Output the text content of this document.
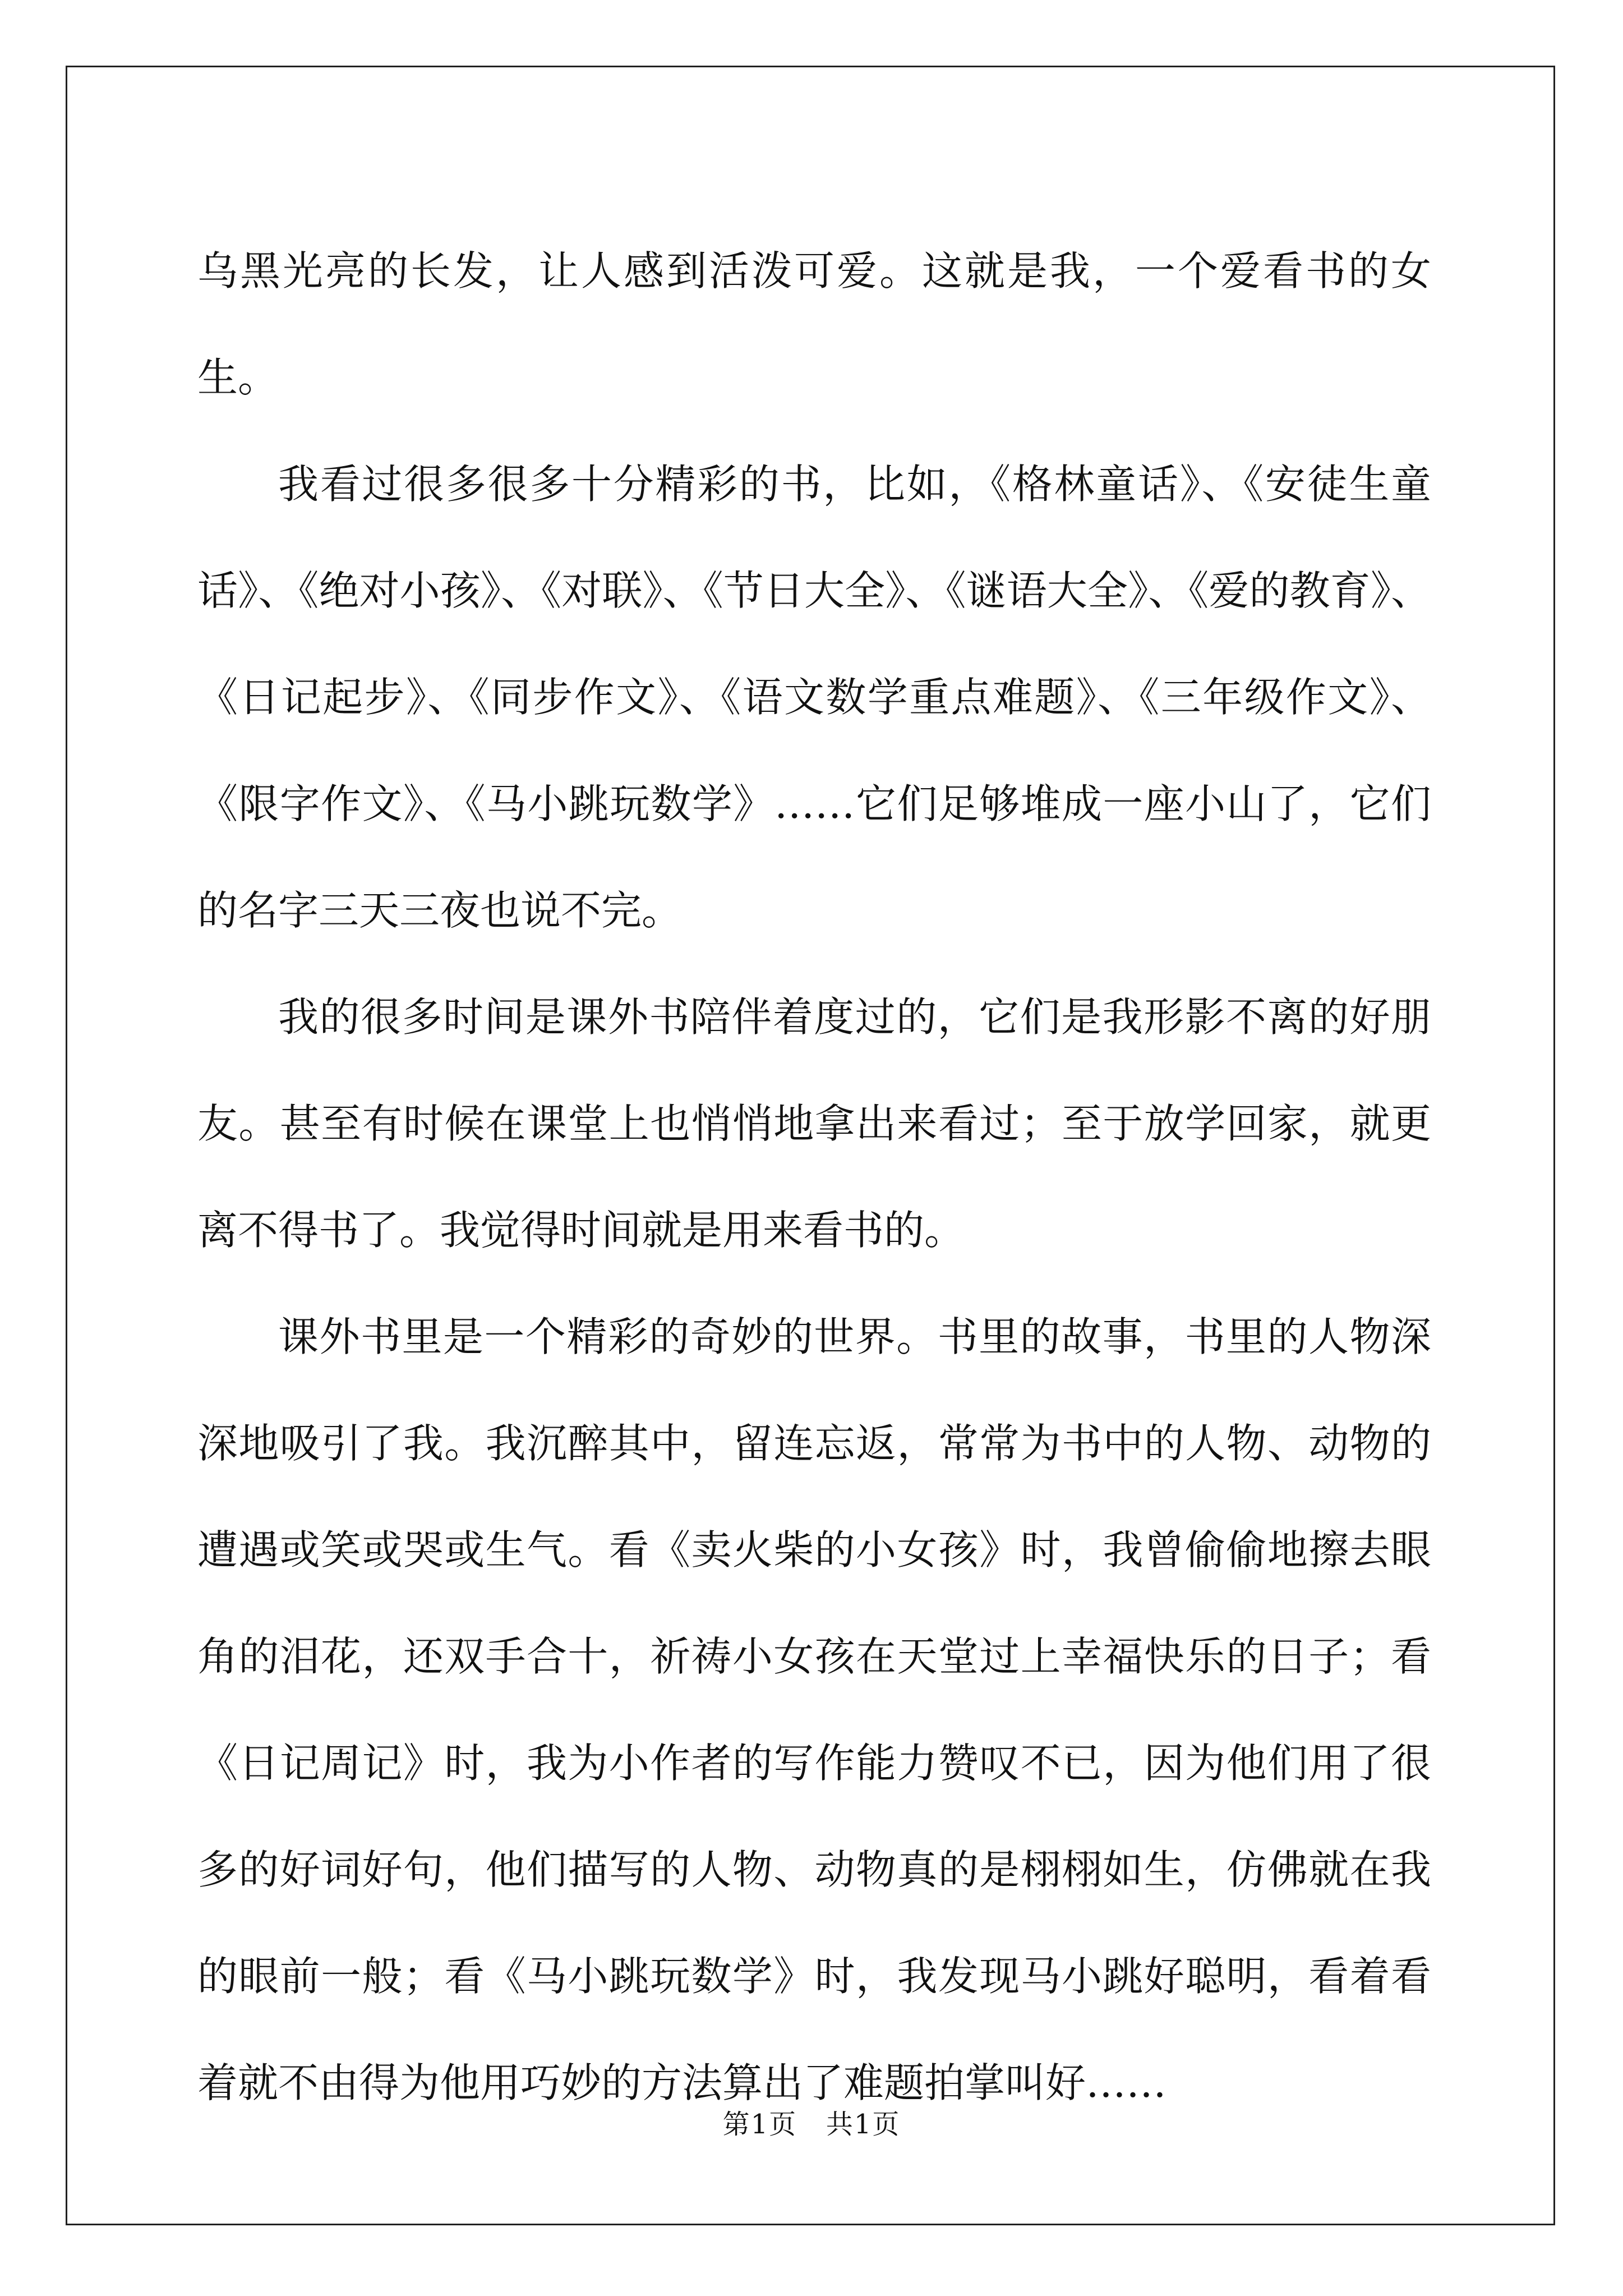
乌黑光亮的长发，让人感到活泼可爱。这就是我，一个爱看书的女生。

我看过很多很多十分精彩的书，比如，《格林童话》、《安徒生童话》、《绝对小孩》、《对联》、《节日大全》、《谜语大全》、《爱的教育》、《日记起步》、《同步作文》、《语文数学重点难题》、《三年级作文》、《限字作文》、《马小跳玩数学》……它们足够堆成一座小山了，它们的名字三天三夜也说不完。

我的很多时间是课外书陪伴着度过的，它们是我形影不离的好朋友。甚至有时候在课堂上也悄悄地拿出来看过；至于放学回家，就更离不得书了。我觉得时间就是用来看书的。

课外书里是一个精彩的奇妙的世界。书里的故事，书里的人物深深地吸引了我。我沉醉其中，留连忘返，常常为书中的人物、动物的遭遇或笑或哭或生气。看《卖火柴的小女孩》时，我曾偷偷地擦去眼角的泪花，还双手合十，祈祷小女孩在天堂过上幸福快乐的日子；看《日记周记》时，我为小作者的写作能力赞叹不已，因为他们用了很多的好词好句，他们描写的人物、动物真的是栩栩如生，仿佛就在我的眼前一般；看《马小跳玩数学》时，我发现马小跳好聪明，看着看着就不由得为他用巧妙的方法算出了难题拍掌叫好……

第1页   共1页
